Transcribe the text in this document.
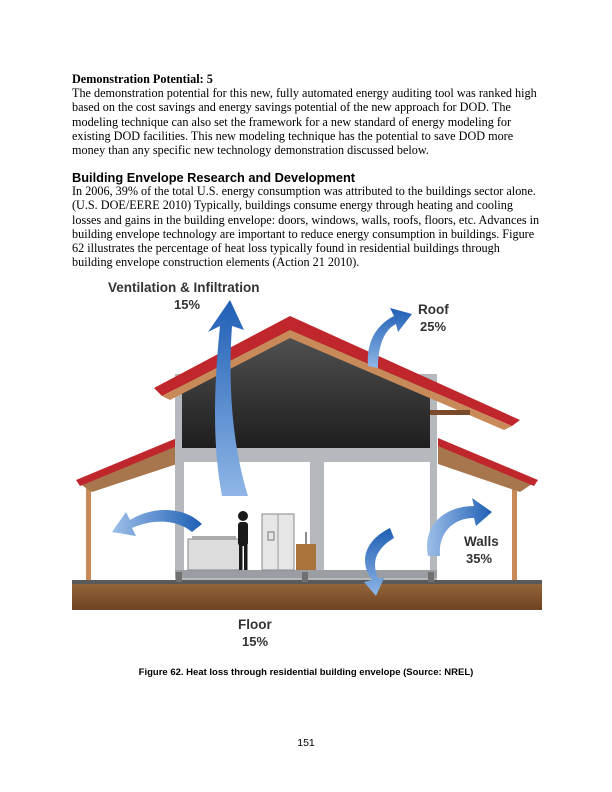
Demonstration Potential: 5

The demonstration potential for this new, fully automated energy auditing tool was ranked high based on the cost savings and energy savings potential of the new approach for DOD. The modeling technique can also set the framework for a new standard of energy modeling for existing DOD facilities. This new modeling technique has the potential to save DOD more money than any specific new technology demonstration discussed below.

Building Envelope Research and Development

In 2006, 39% of the total U.S. energy consumption was attributed to the buildings sector alone. (U.S. DOE/EERE 2010) Typically, buildings consume energy through heating and cooling losses and gains in the building envelope: doors, windows, walls, roofs, floors, etc. Advances in building envelope technology are important to reduce energy consumption in buildings. Figure 62 illustrates the percentage of heat loss typically found in residential buildings through building envelope construction elements (Action 21 2010).

Ventilation & Infiltration
15%	Roof
25%
Walls
35%
Floor
15%
Figure 62. Heat loss through residential building envelope (Source: NREL)
151
